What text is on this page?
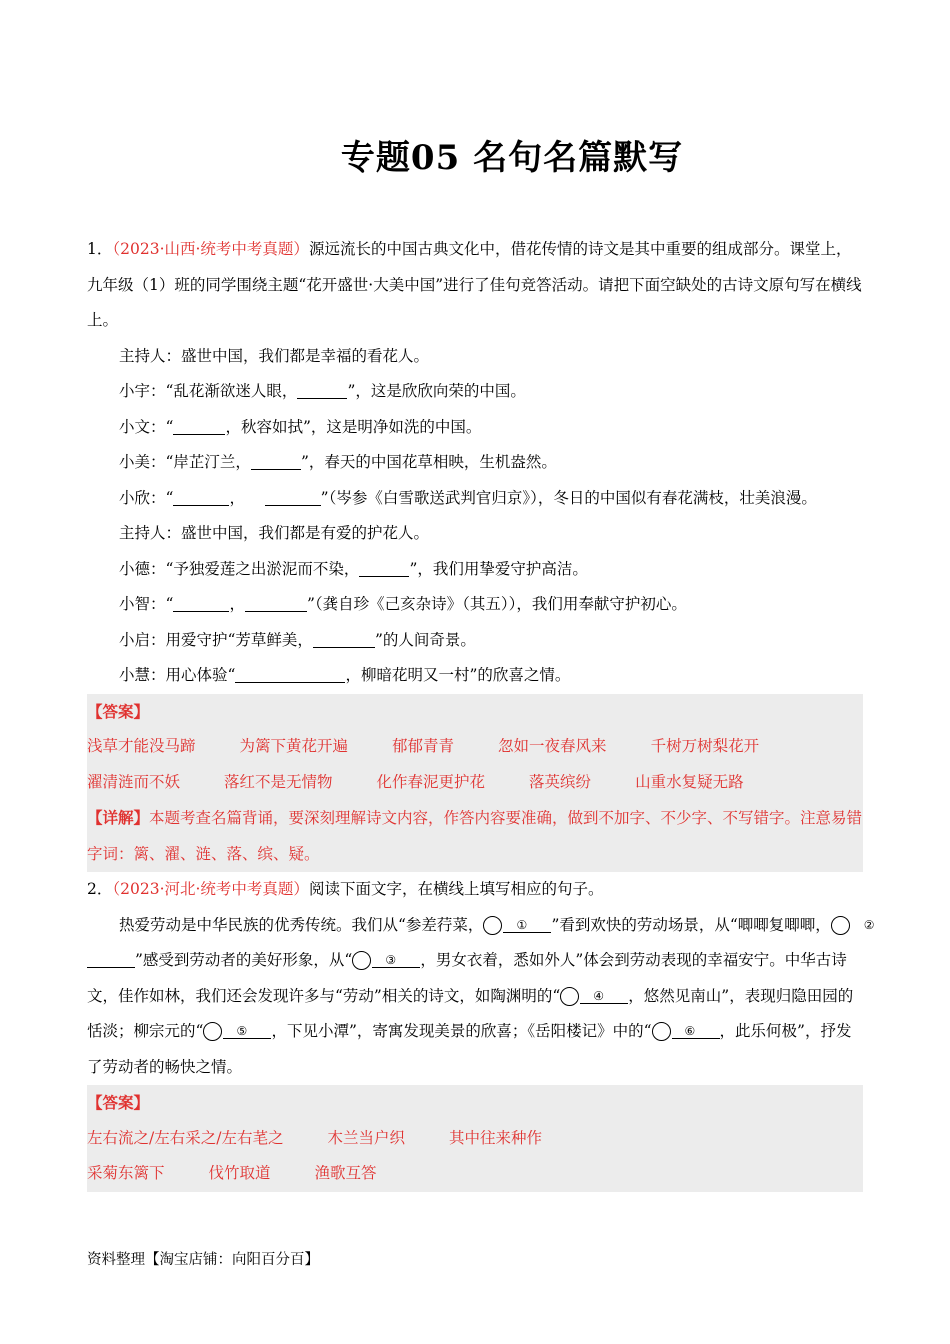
专题05 名句名篇默写

1．（2023·山西·统考中考真题）源远流长的中国古典文化中，借花传情的诗文是其中重要的组成部分。课堂上，九年级（1）班的同学围绕主题“花开盛世·大美中国”进行了佳句竞答活动。请把下面空缺处的古诗文原句写在横线上。

主持人：盛世中国，我们都是幸福的看花人。

小宇：“乱花渐欲迷人眼，	”，这是欣欣向荣的中国。

小文：“	，秋容如拭”，这是明净如洗的中国。

小美：“岸芷汀兰，	”，春天的中国花草相映，生机盎然。

小欣：“	，	”（岑参《白雪歌送武判官归京》），冬日的中国似有春花满枝，壮美浪漫。

主持人：盛世中国，我们都是有爱的护花人。

小德：“予独爱莲之出淤泥而不染，	”，我们用挚爱守护高洁。

小智：“	，	”（龚自珍《己亥杂诗》（其五）），我们用奉献守护初心。

小启：用爱守护“芳草鲜美，	”的人间奇景。

小慧：用心体验“	，柳暗花明又一村”的欣喜之情。

【答案】

浅草才能没马蹄	为篱下黄花开遍	郁郁青青	忽如一夜春风来	千树万树梨花开

濯清涟而不妖	落红不是无情物	化作春泥更护花	落英缤纷	山重水复疑无路

【详解】本题考查名篇背诵，要深刻理解诗文内容，作答内容要准确，做到不加字、不少字、不写错字。注意易错字词：篱、濯、涟、落、缤、疑。

2．（2023·河北·统考中考真题）阅读下面文字，在横线上填写相应的句子。

热爱劳动是中华民族的优秀传统。我们从“参差荇菜，	① ”看到欢快的劳动场景，从“唧唧复唧唧，	②”感受到劳动者的美好形象，从“	③ ，男女衣着，悉如外人”体会到劳动表现的幸福安宁。中华古诗文，佳作如林，我们还会发现许多与“劳动”相关的诗文，如陶渊明的“	④ ，悠然见南山”，表现归隐田园的恬淡；柳宗元的“	⑤ ，下见小潭”，寄寓发现美景的欣喜；《岳阳楼记》中的“	⑥ ，此乐何极”，抒发了劳动者的畅快之情。

【答案】

左右流之/左右采之/左右芼之	木兰当户织	其中往来种作

采菊东篱下	伐竹取道	渔歌互答

资料整理【淘宝店铺：向阳百分百】
